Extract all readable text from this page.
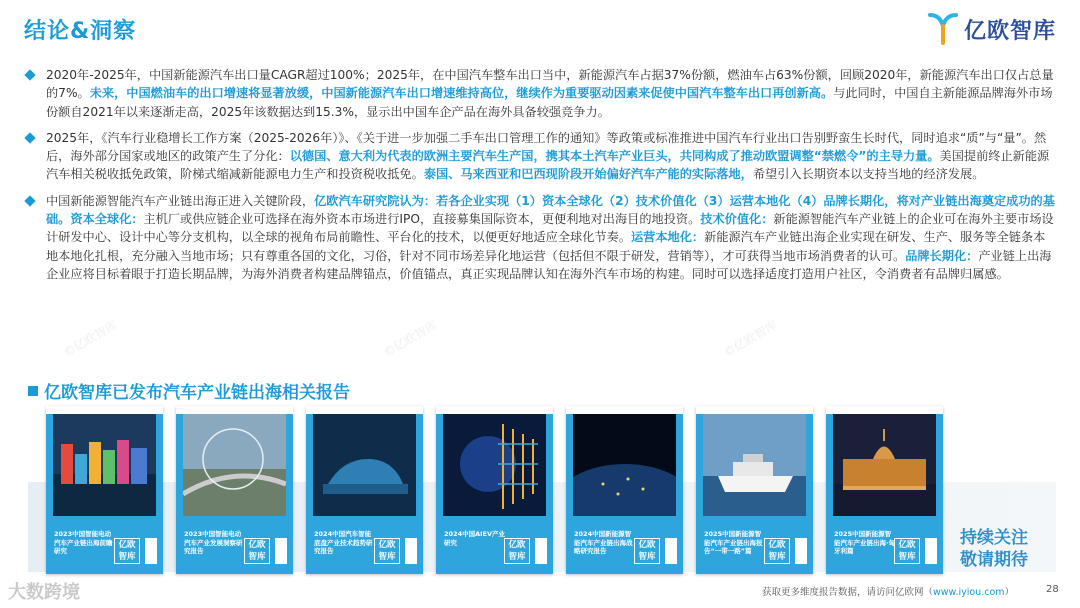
结论&洞察	亿欧智库
2020年-2025年，中国新能源汽车出口量CAGR超过100%；2025年，在中国汽车整车出口当中，新能源汽车占据37%份额，燃油车占63%份额，回顾2020年，新能源汽车出口仅占总量的7%。未来，中国燃油车的出口增速将显著放缓，中国新能源汽车出口增速维持高位，继续作为重要驱动因素来促使中国汽车整车出口再创新高。与此同时，中国自主新能源品牌海外市场份额自2021年以来逐渐走高，2025年该数据达到15.3%，显示出中国车企产品在海外具备较强竞争力。
2025年，《汽车行业稳增长工作方案（2025-2026年）》、《关于进一步加强二手车出口管理工作的通知》等政策或标准推进中国汽车行业出口告别野蛮生长时代，同时追求“质”与“量”。然后，海外部分国家或地区的政策产生了分化：以德国、意大利为代表的欧洲主要汽车生产国，携其本土汽车产业巨头，共同构成了推动欧盟调整“禁燃令”的主导力量。美国提前终止新能源汽车相关税收抵免政策，阶梯式缩减新能源电力生产和投资税收抵免。泰国、马来西亚和巴西现阶段开始偏好汽车产能的实际落地，希望引入长期资本以支持当地的经济发展。
中国新能源智能汽车产业链出海正进入关键阶段，亿欧汽车研究院认为：若各企业实现（1）资本全球化（2）技术价值化（3）运营本地化（4）品牌长期化，将对产业链出海奠定成功的基础。资本全球化：主机厂或供应链企业可选择在海外资本市场进行IPO，直接募集国际资本，更便利地对出海目的地投资。技术价值化：新能源智能汽车产业链上的企业可在海外主要市场设计研发中心、设计中心等分支机构，以全球的视角布局前瞻性、平台化的技术，以便更好地适应全球化节奏。运营本地化：新能源汽车产业链出海企业实现在研发、生产、服务等全链条本地本地化扎根，充分融入当地市场；只有尊重各国的文化，习俗，针对不同市场差异化地运营（包括但不限于研发，营销等），才可获得当地市场消费者的认可。品牌长期化：产业链上出海企业应将目标着眼于打造长期品牌，为海外消费者构建品牌锚点，价值锚点，真正实现品牌认知在海外汽车市场的构建。同时可以选择适度打造用户社区，令消费者有品牌归属感。
©亿欧智库	©亿欧智库	©亿欧智库
亿欧智库已发布汽车产业链出海相关报告
2023中国智能电动汽车产业链出海前瞻研究
亿欧智库
2023中国智能电动汽车产业发展洞察研究报告
亿欧智库
2024中国汽车智能底盘产业技术趋势研究报告
亿欧智库
2024中国AIEV产业研究	亿欧智库
2024中国新能源智能汽车产业链出海战略研究报告
亿欧智库
2025中国新能源智能汽车产业链出海报告“一带一路”篇
亿欧智库
2025中国新能源智能汽车产业链出海·匈牙利篇
亿欧智库
持续关注
敬请期待
大数跨境	获取更多维度报告数据，请访问亿欧网（www.iyiou.com）	28
